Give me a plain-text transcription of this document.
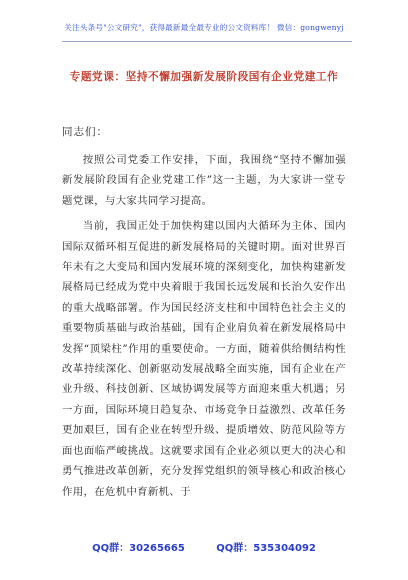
关注头条号"公文研究"，获得最新最全最专业的公文资料库！ 微信：gongwenyj
专题党课：坚持不懈加强新发展阶段国有企业党建工作
同志们：

按照公司党委工作安排，下面，我围绕“坚持不懈加强新发展阶段国有企业党建工作”这一主题，为大家讲一堂专题党课，与大家共同学习提高。

当前，我国正处于加快构建以国内大循环为主体、国内国际双循环相互促进的新发展格局的关键时期。面对世界百年未有之大变局和国内发展环境的深刻变化，加快构建新发展格局已经成为党中央着眼于我国长远发展和长治久安作出的重大战略部署。作为国民经济支柱和中国特色社会主义的重要物质基础与政治基础，国有企业肩负着在新发展格局中发挥“顶梁柱”作用的重要使命。一方面，随着供给侧结构性改革持续深化、创新驱动发展战略全面实施，国有企业在产业升级、科技创新、区域协调发展等方面迎来重大机遇；另一方面，国际环境日趋复杂、市场竞争日益激烈、改革任务更加艰巨，国有企业在转型升级、提质增效、防范风险等方面也面临严峻挑战。这就要求国有企业必须以更大的决心和勇气推进改革创新，充分发挥党组织的领导核心和政治核心作用，在危机中育新机、于

QQ群：30265665	QQ群：535304092
